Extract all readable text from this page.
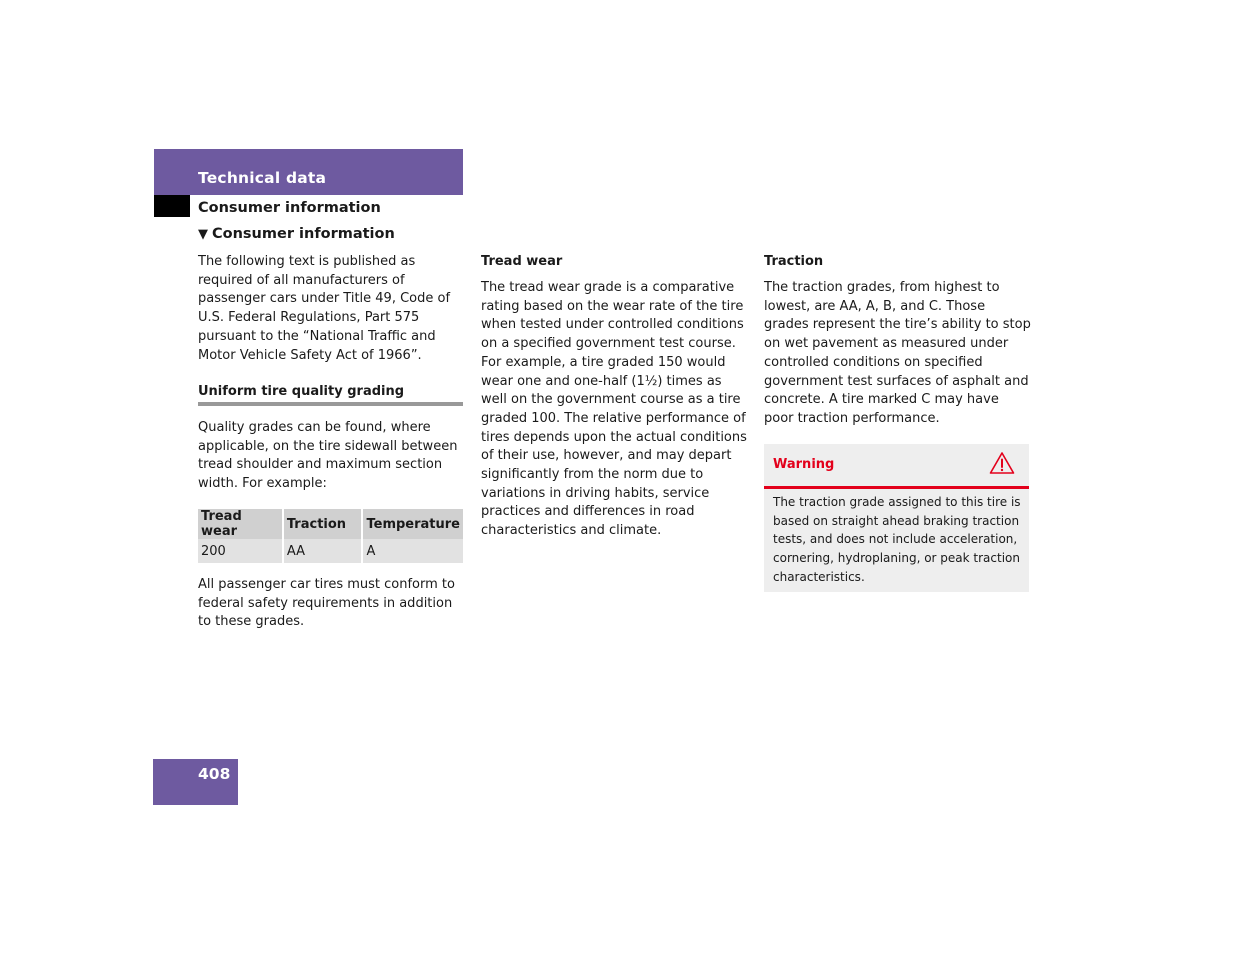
Technical data
Consumer information
▼ Consumer information
The following text is published as required of all manufacturers of passenger cars under Title 49, Code of U.S. Federal Regulations, Part 575 pursuant to the “National Traffic and Motor Vehicle Safety Act of 1966”.
Uniform tire quality grading
Quality grades can be found, where applicable, on the tire sidewall between tread shoulder and maximum section width. For example:
Tread wear	Traction	Temperature
200	AA	A
All passenger car tires must conform to federal safety requirements in addition to these grades.
Tread wear
The tread wear grade is a comparative rating based on the wear rate of the tire when tested under controlled conditions on a specified government test course. For example, a tire graded 150 would wear one and one-half (1½) times as well on the government course as a tire graded 100. The relative performance of tires depends upon the actual conditions of their use, however, and may depart significantly from the norm due to variations in driving habits, service practices and differences in road characteristics and climate.
Traction
The traction grades, from highest to lowest, are AA, A, B, and C. Those grades represent the tire’s ability to stop on wet pavement as measured under controlled conditions on specified government test surfaces of asphalt and concrete. A tire marked C may have poor traction performance.
Warning
The traction grade assigned to this tire is based on straight ahead braking traction tests, and does not include acceleration, cornering, hydroplaning, or peak traction characteristics.
408
